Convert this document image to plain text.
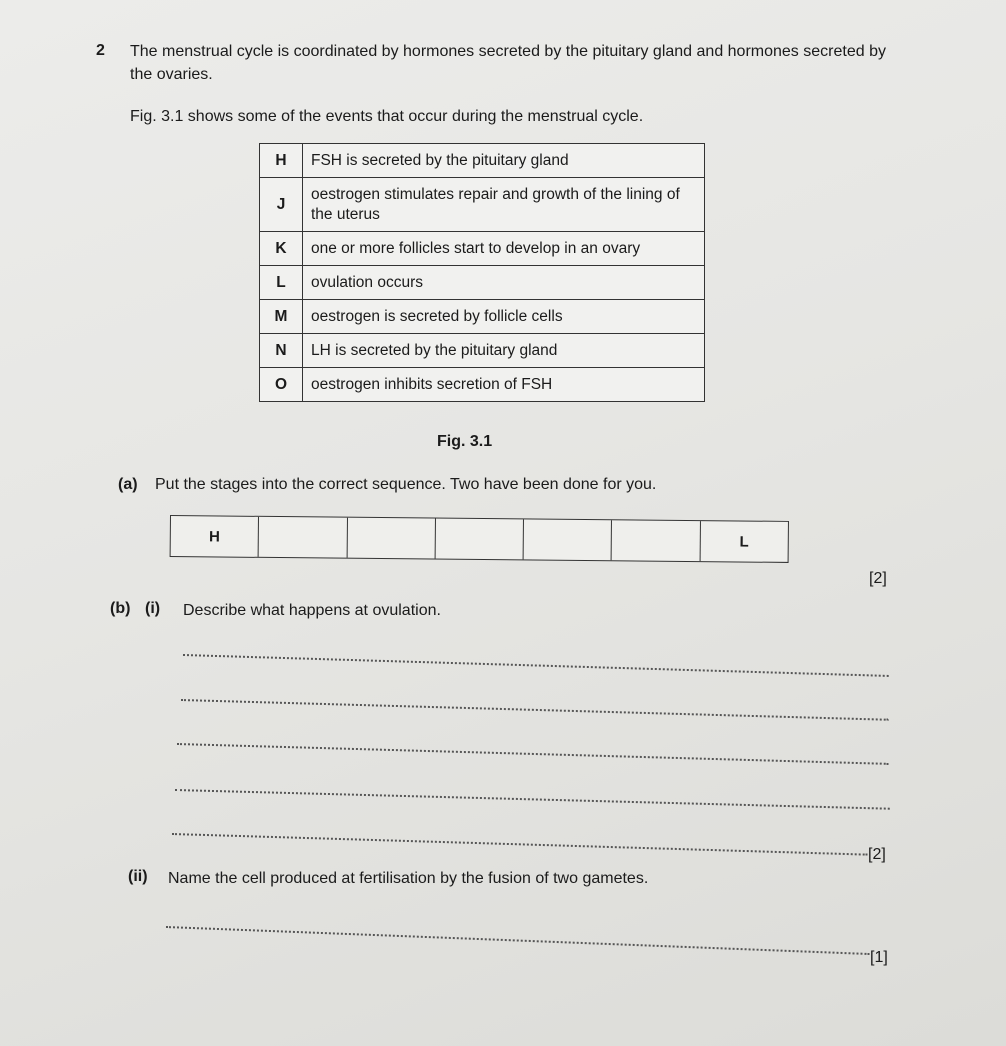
2 The menstrual cycle is coordinated by hormones secreted by the pituitary gland and hormones secreted by the ovaries.
Fig. 3.1 shows some of the events that occur during the menstrual cycle.
H	FSH is secreted by the pituitary gland

J	oestrogen stimulates repair and growth of the lining of the uterus

K	one or more follicles start to develop in an ovary

L	ovulation occurs

M	oestrogen is secreted by follicle cells

N	LH is secreted by the pituitary gland

O	oestrogen inhibits secretion of FSH
Fig. 3.1
(a) Put the stages into the correct sequence. Two have been done for you.
H	L
[2]
(b) (i) Describe what happens at ovulation.
[2]
(ii) Name the cell produced at fertilisation by the fusion of two gametes.
[1]
